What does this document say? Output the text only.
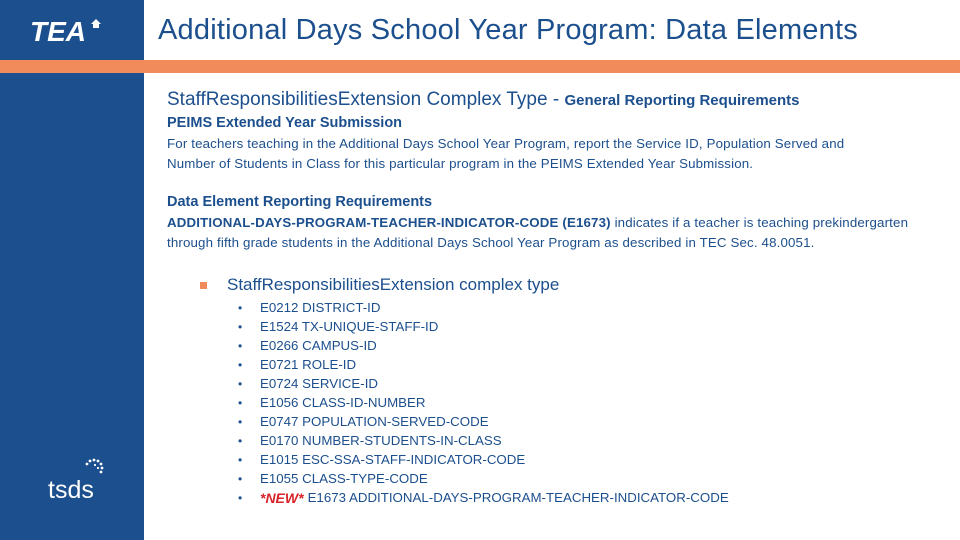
TEA Additional Days School Year Program: Data Elements
tsds
StaffResponsibilitiesExtension Complex Type - General Reporting Requirements
PEIMS Extended Year Submission
For teachers teaching in the Additional Days School Year Program, report the Service ID, Population Served and
Number of Students in Class for this particular program in the PEIMS Extended Year Submission.
Data Element Reporting Requirements
ADDITIONAL-DAYS-PROGRAM-TEACHER-INDICATOR-CODE (E1673) indicates if a teacher is teaching prekindergarten
through fifth grade students in the Additional Days School Year Program as described in TEC Sec. 48.0051.
StaffResponsibilitiesExtension complex type
•	E0212 DISTRICT-ID
•	E1524 TX-UNIQUE-STAFF-ID
•	E0266 CAMPUS-ID
•	E0721 ROLE-ID
•	E0724 SERVICE-ID
•	E1056 CLASS-ID-NUMBER
•	E0747 POPULATION-SERVED-CODE
•	E0170 NUMBER-STUDENTS-IN-CLASS
•	E1015 ESC-SSA-STAFF-INDICATOR-CODE
•	E1055 CLASS-TYPE-CODE
•	*NEW* E1673 ADDITIONAL-DAYS-PROGRAM-TEACHER-INDICATOR-CODE
